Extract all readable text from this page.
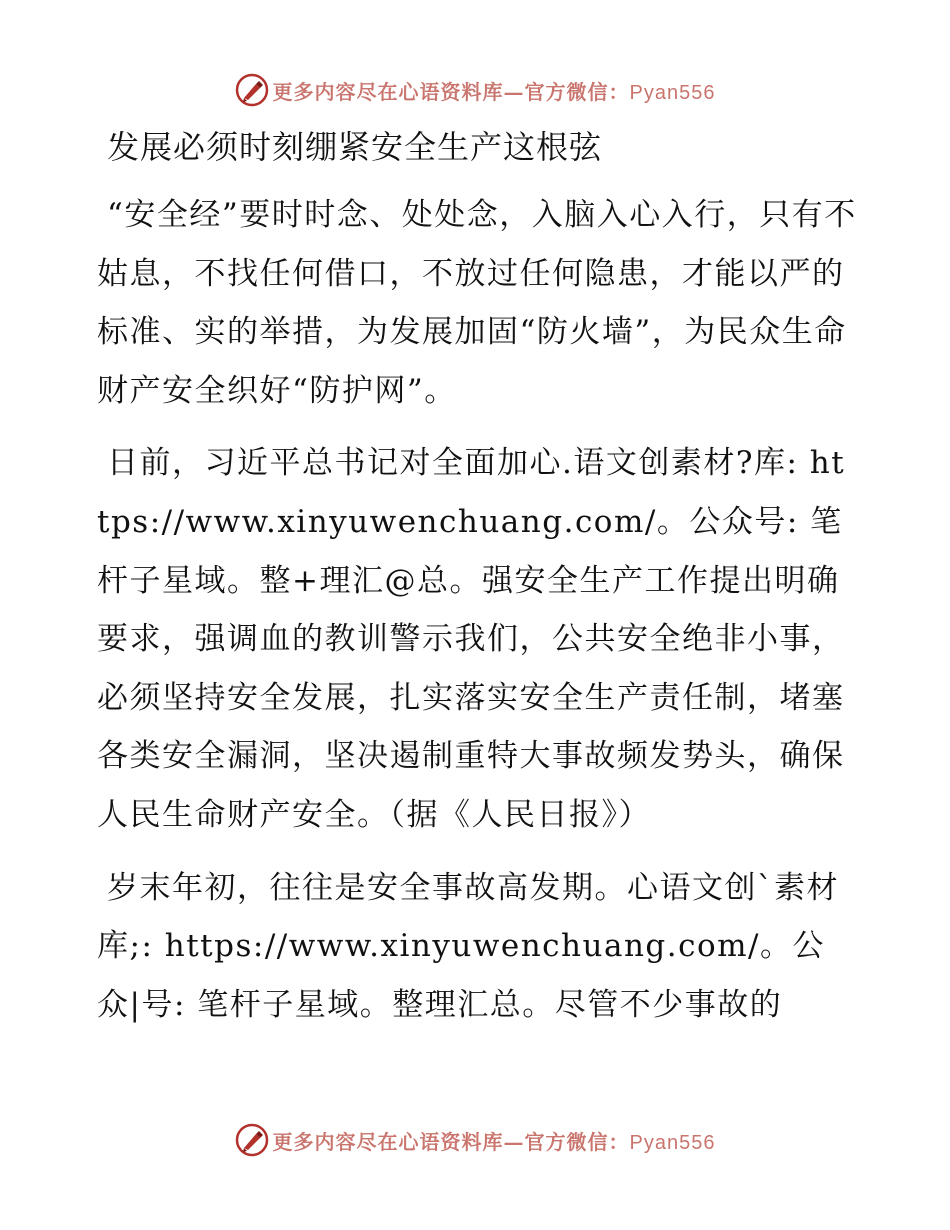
更多内容尽在心语资料库—官方微信：Pyan556
发展必须时刻绷紧安全生产这根弦

“安全经”要时时念、处处念，入脑入心入行，只有不姑息，不找任何借口，不放过任何隐患，才能以严的标准、实的举措，为发展加固“防火墙”，为民众生命财产安全织好“防护网”。

日前，习近平总书记对全面加心.语文创素材?库: https://www.xinyuwenchuang.com/。公众号: 笔杆子星域。整+理汇@总。强安全生产工作提出明确要求，强调血的教训警示我们，公共安全绝非小事，必须坚持安全发展，扎实落实安全生产责任制，堵塞各类安全漏洞，坚决遏制重特大事故频发势头，确保人民生命财产安全。（据《人民日报》）

岁末年初，往往是安全事故高发期。心语文创`素材库;: https://www.xinyuwenchuang.com/。公众|号: 笔杆子星域。整理汇总。尽管不少事故的

更多内容尽在心语资料库—官方微信：Pyan556
